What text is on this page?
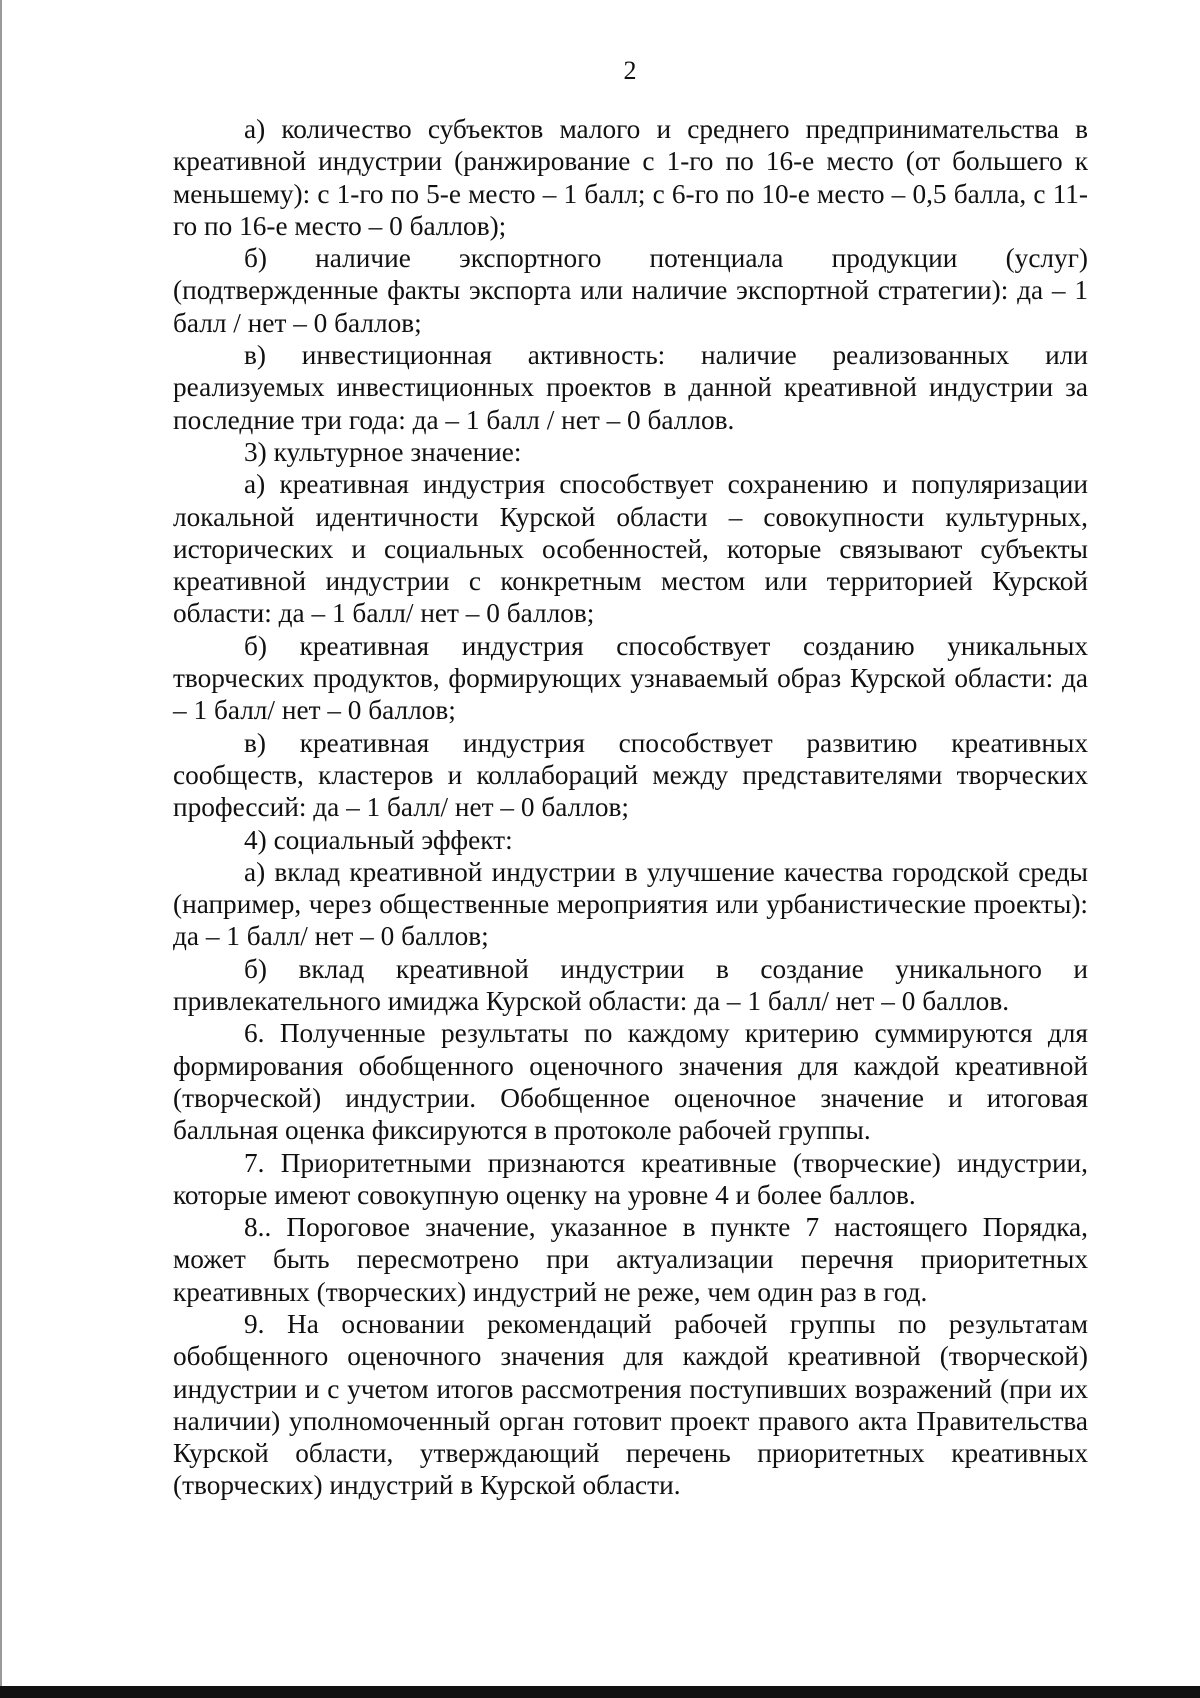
2

а) количество субъектов малого и среднего предпринимательства в креативной индустрии (ранжирование с 1-го по 16-е место (от большего к меньшему): с 1-го по 5-е место – 1 балл; с 6-го по 10-е место – 0,5 балла, с 11-го по 16-е место – 0 баллов);

б) наличие экспортного потенциала продукции (услуг) (подтвержденные факты экспорта или наличие экспортной стратегии): да – 1 балл / нет – 0 баллов;

в) инвестиционная активность: наличие реализованных или реализуемых инвестиционных проектов в данной креативной индустрии за последние три года: да – 1 балл / нет – 0 баллов.

3) культурное значение:

а) креативная индустрия способствует сохранению и популяризации локальной идентичности Курской области – совокупности культурных, исторических и социальных особенностей, которые связывают субъекты креативной индустрии с конкретным местом или территорией Курской области: да – 1 балл/ нет – 0 баллов;

б) креативная индустрия способствует созданию уникальных творческих продуктов, формирующих узнаваемый образ Курской области: да – 1 балл/ нет – 0 баллов;

в) креативная индустрия способствует развитию креативных сообществ, кластеров и коллабораций между представителями творческих профессий: да – 1 балл/ нет – 0 баллов;

4) социальный эффект:

а) вклад креативной индустрии в улучшение качества городской среды (например, через общественные мероприятия или урбанистические проекты): да – 1 балл/ нет – 0 баллов;

б) вклад креативной индустрии в создание уникального и привлекательного имиджа Курской области: да – 1 балл/ нет – 0 баллов.

6. Полученные результаты по каждому критерию суммируются для формирования обобщенного оценочного значения для каждой креативной (творческой) индустрии. Обобщенное оценочное значение и итоговая балльная оценка фиксируются в протоколе рабочей группы.

7. Приоритетными признаются креативные (творческие) индустрии, которые имеют совокупную оценку на уровне 4 и более баллов.

8.. Пороговое значение, указанное в пункте 7 настоящего Порядка, может быть пересмотрено при актуализации перечня приоритетных креативных (творческих) индустрий не реже, чем один раз в год.

9. На основании рекомендаций рабочей группы по результатам обобщенного оценочного значения для каждой креативной (творческой) индустрии и с учетом итогов рассмотрения поступивших возражений (при их наличии) уполномоченный орган готовит проект правого акта Правительства Курской области, утверждающий перечень приоритетных креативных (творческих) индустрий в Курской области.
